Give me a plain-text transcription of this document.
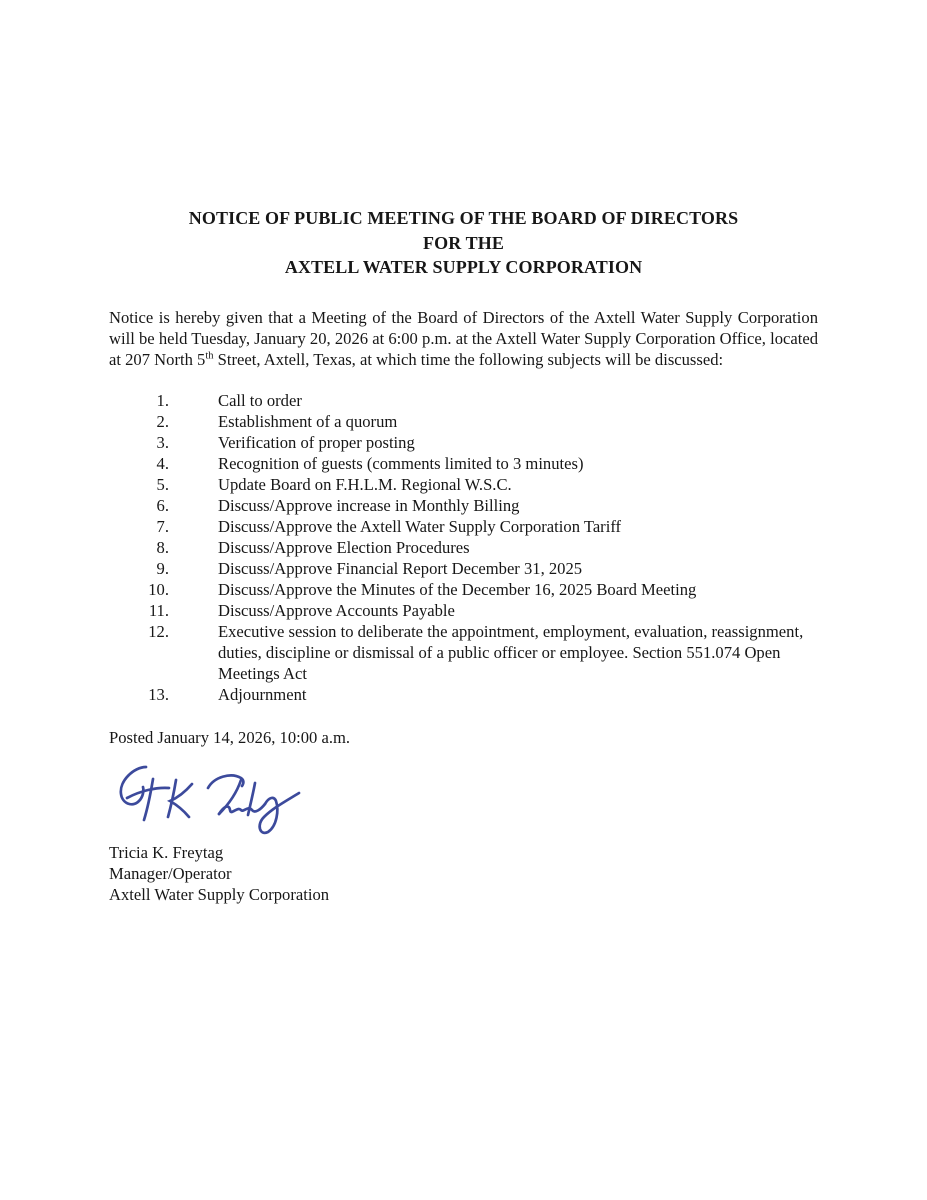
NOTICE OF PUBLIC MEETING OF THE BOARD OF DIRECTORS
FOR THE
AXTELL WATER SUPPLY CORPORATION

Notice is hereby given that a Meeting of the Board of Directors of the Axtell Water Supply Corporation will be held Tuesday, January 20, 2026 at 6:00 p.m. at the Axtell Water Supply Corporation Office, located at 207 North 5th Street, Axtell, Texas, at which time the following subjects will be discussed:

1.	Call to order
2.	Establishment of a quorum
3.	Verification of proper posting
4.	Recognition of guests (comments limited to 3 minutes)
5.	Update Board on F.H.L.M. Regional W.S.C.
6.	Discuss/Approve increase in Monthly Billing
7.	Discuss/Approve the Axtell Water Supply Corporation Tariff
8.	Discuss/Approve Election Procedures
9.	Discuss/Approve Financial Report December 31, 2025
10.	Discuss/Approve the Minutes of the December 16, 2025 Board Meeting
11.	Discuss/Approve Accounts Payable
12.	Executive session to deliberate the appointment, employment, evaluation, reassignment, duties, discipline or dismissal of a public officer or employee. Section 551.074 Open Meetings Act
13.	Adjournment
Posted January 14, 2026, 10:00 a.m.
Tricia K. Freytag
Manager/Operator
Axtell Water Supply Corporation
